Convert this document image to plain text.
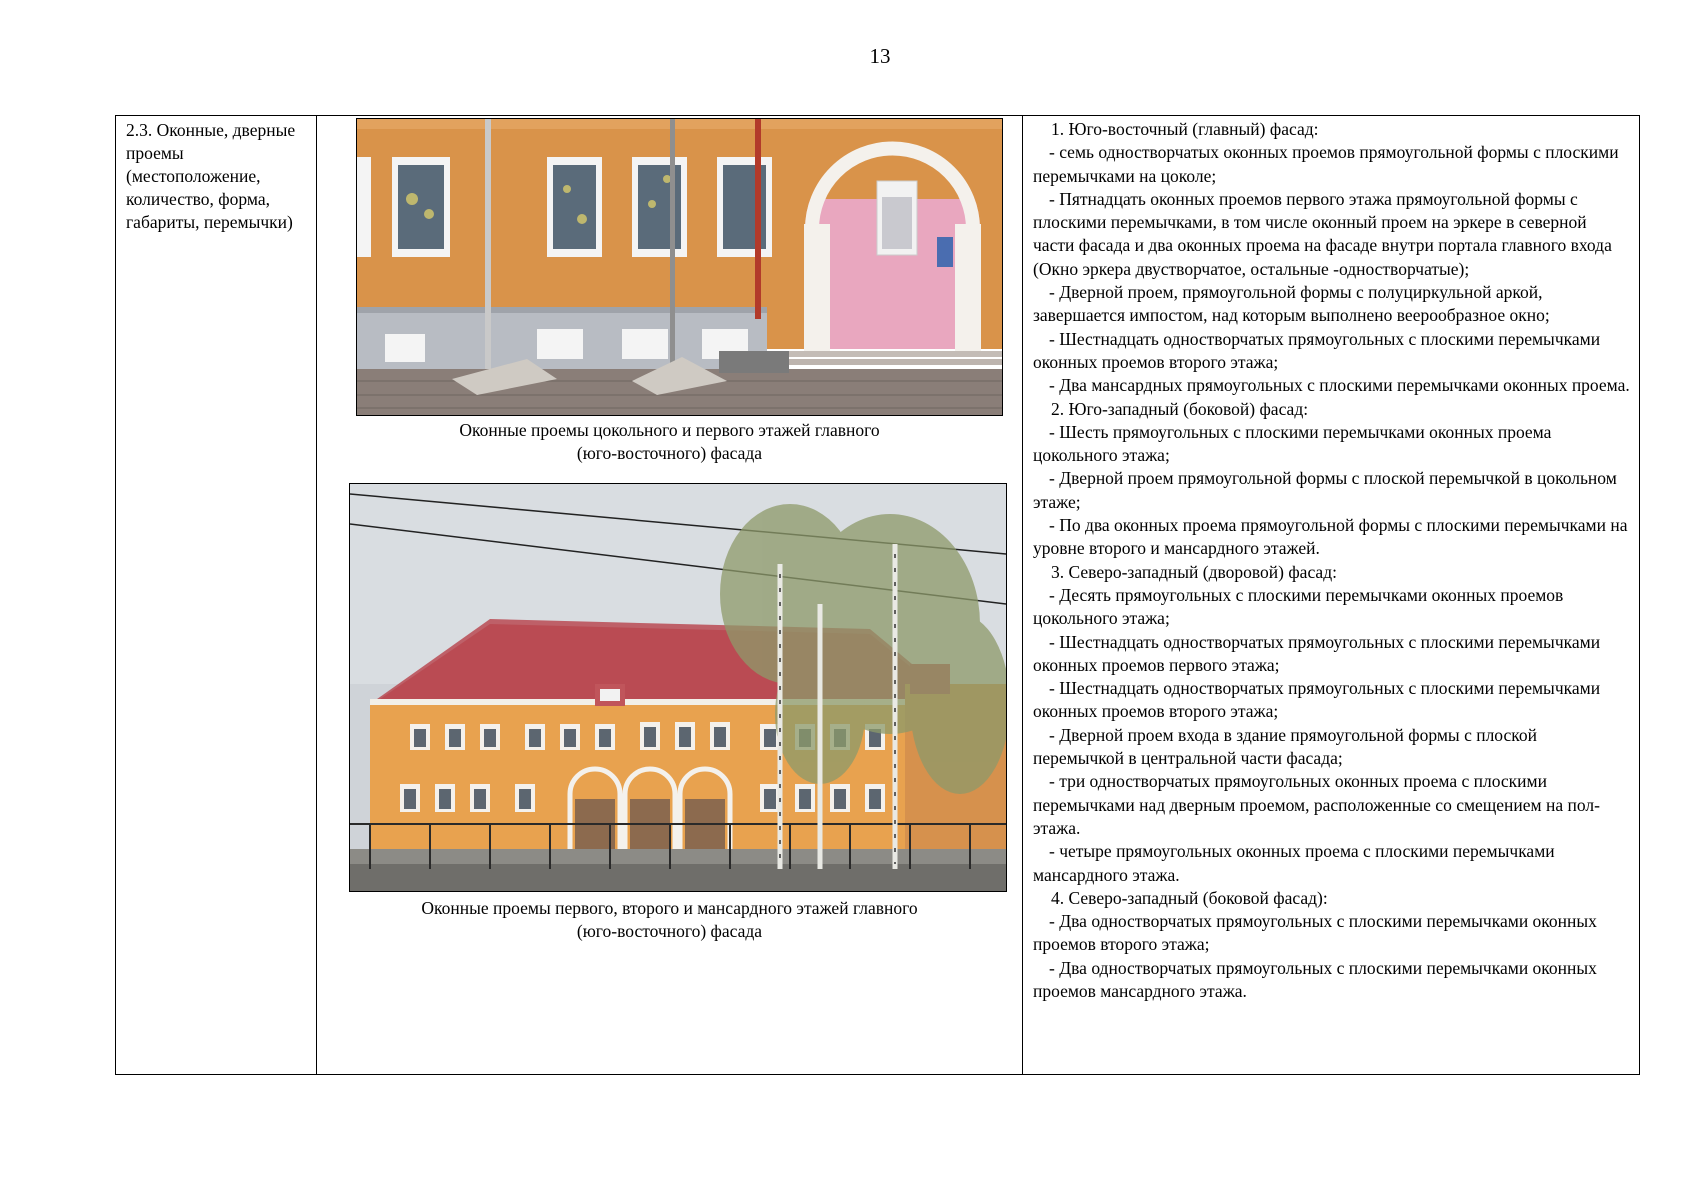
13
2.3. Оконные, дверные проемы (местоположение, количество, форма, габариты, перемычки)

Оконные проемы цокольного и первого этажей главного
(юго-восточного) фасада
Оконные проемы первого, второго и мансардного этажей главного
(юго-восточного) фасада

1. Юго-восточный (главный) фасад:
- семь одностворчатых оконных проемов прямоугольной формы с плоскими перемычками на цоколе;
- Пятнадцать оконных проемов первого этажа прямоугольной формы с плоскими перемычками, в том числе оконный проем на эркере в северной части фасада и два оконных проема на фасаде внутри портала главного входа (Окно эркера двустворчатое, остальные -одностворчатые);
- Дверной проем, прямоугольной формы с полуциркульной аркой, завершается импостом, над которым выполнено веерообразное окно;
- Шестнадцать одностворчатых прямоугольных с плоскими перемычками оконных проемов второго этажа;
- Два мансардных прямоугольных с плоскими перемычками оконных проема.
2. Юго-западный (боковой) фасад:
- Шесть прямоугольных с плоскими перемычками оконных проема цокольного этажа;
- Дверной проем прямоугольной формы с плоской перемычкой в цокольном этаже;
- По два оконных проема прямоугольной формы с плоскими перемычками на уровне второго и мансардного этажей.
3. Северо-западный (дворовой) фасад:
- Десять прямоугольных с плоскими перемычками оконных проемов цокольного этажа;
- Шестнадцать одностворчатых прямоугольных с плоскими перемычками оконных проемов первого этажа;
- Шестнадцать одностворчатых прямоугольных с плоскими перемычками оконных проемов второго этажа;
- Дверной проем входа в здание прямоугольной формы с плоской перемычкой в центральной части фасада;
- три одностворчатых прямоугольных оконных проема с плоскими перемычками над дверным проемом, расположенные со смещением на пол-этажа.
- четыре прямоугольных оконных проема с плоскими перемычками мансардного этажа.
4. Северо-западный (боковой фасад):
- Два одностворчатых прямоугольных с плоскими перемычками оконных проемов второго этажа;
- Два одностворчатых прямоугольных с плоскими перемычками оконных проемов мансардного этажа.
